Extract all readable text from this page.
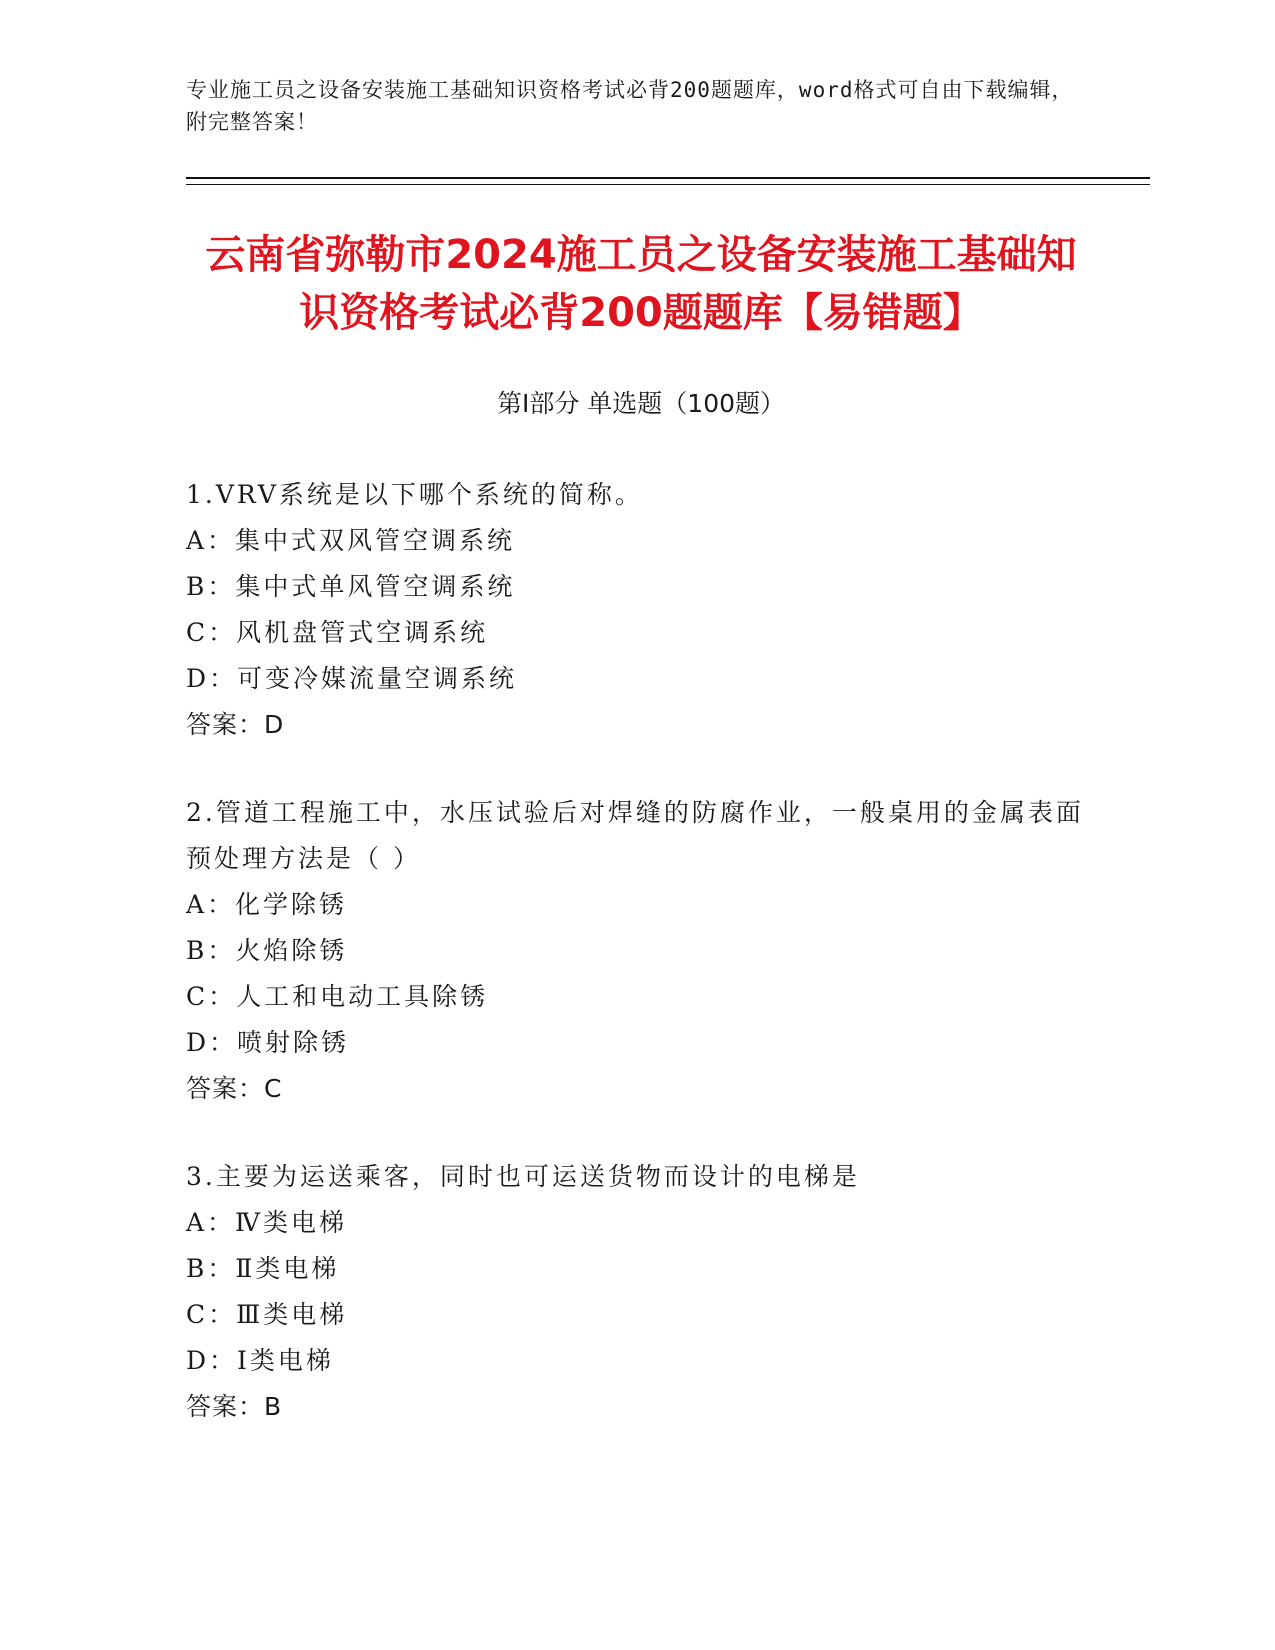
专业施工员之设备安装施工基础知识资格考试必背200题题库，word格式可自由下载编辑，附完整答案！
云南省弥勒市2024施工员之设备安装施工基础知识资格考试必背200题题库【易错题】
第Ⅰ部分 单选题（100题）
1.VRV系统是以下哪个系统的简称。
A：集中式双风管空调系统
B：集中式单风管空调系统
C：风机盘管式空调系统
D：可变冷媒流量空调系统
答案：D
2.管道工程施工中，水压试验后对焊缝的防腐作业，一般桌用的金属表面预处理方法是（ ）
A：化学除锈
B：火焰除锈
C：人工和电动工具除锈
D：喷射除锈
答案：C
3.主要为运送乘客，同时也可运送货物而设计的电梯是
A：Ⅳ类电梯
B：Ⅱ类电梯
C：Ⅲ类电梯
D：Ⅰ类电梯
答案：B
